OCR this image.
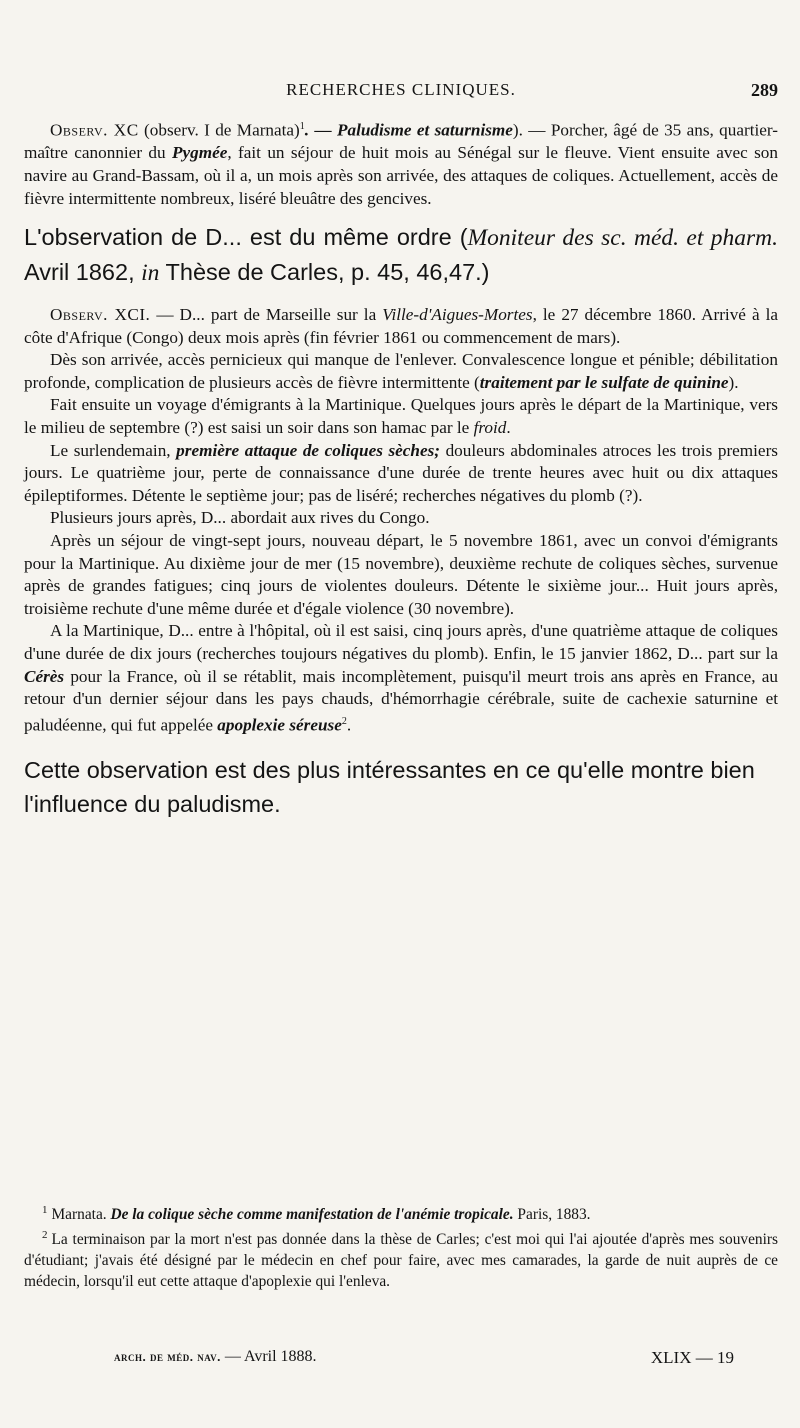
RECHERCHES CLINIQUES.	289

Observ. XC (observ. I de Marnata)$^1$. — Paludisme et saturnisme). — Porcher, âgé de 35 ans, quartier-maître canonnier du Pygmée, fait un séjour de huit mois au Sénégal sur le fleuve. Vient ensuite avec son navire au Grand-Bassam, où il a, un mois après son arrivée, des attaques de coliques. Actuellement, accès de fièvre intermittente nombreux, liséré bleuâtre des gencives.

L'observation de D... est du même ordre (Moniteur des sc. méd. et pharm. Avril 1862, in Thèse de Carles, p. 45, 46,47.)

Observ. XCI. — D... part de Marseille sur la Ville-d'Aigues-Mortes, le 27 décembre 1860. Arrivé à la côte d'Afrique (Congo) deux mois après (fin février 1861 ou commencement de mars).

Dès son arrivée, accès pernicieux qui manque de l'enlever. Convalescence longue et pénible; débilitation profonde, complication de plusieurs accès de fièvre intermittente (traitement par le sulfate de quinine).

Fait ensuite un voyage d'émigrants à la Martinique. Quelques jours après le départ de la Martinique, vers le milieu de septembre (?) est saisi un soir dans son hamac par le froid.

Le surlendemain, première attaque de coliques sèches; douleurs abdominales atroces les trois premiers jours. Le quatrième jour, perte de connaissance d'une durée de trente heures avec huit ou dix attaques épileptiformes. Détente le septième jour; pas de liséré; recherches négatives du plomb (?).

Plusieurs jours après, D... abordait aux rives du Congo.

Après un séjour de vingt-sept jours, nouveau départ, le 5 novembre 1861, avec un convoi d'émigrants pour la Martinique. Au dixième jour de mer (15 novembre), deuxième rechute de coliques sèches, survenue après de grandes fatigues; cinq jours de violentes douleurs. Détente le sixième jour... Huit jours après, troisième rechute d'une même durée et d'égale violence (30 novembre).

A la Martinique, D... entre à l'hôpital, où il est saisi, cinq jours après, d'une quatrième attaque de coliques d'une durée de dix jours (recherches toujours négatives du plomb). Enfin, le 15 janvier 1862, D... part sur la Cérès pour la France, où il se rétablit, mais incomplètement, puisqu'il meurt trois ans après en France, au retour d'un dernier séjour dans les pays chauds, d'hémorrhagie cérébrale, suite de cachexie saturnine et paludéenne, qui fut appelée apoplexie séreuse$^2$.

Cette observation est des plus intéressantes en ce qu'elle montre bien l'influence du paludisme.

$^1$ Marnata. De la colique sèche comme manifestation de l'anémie tropicale. Paris, 1883.

$^2$ La terminaison par la mort n'est pas donnée dans la thèse de Carles; c'est moi qui l'ai ajoutée d'après mes souvenirs d'étudiant; j'avais été désigné par le médecin en chef pour faire, avec mes camarades, la garde de nuit auprès de ce médecin, lorsqu'il eut cette attaque d'apoplexie qui l'enleva.

arch. de méd. nav. — Avril 1888.	XLIX — 19
